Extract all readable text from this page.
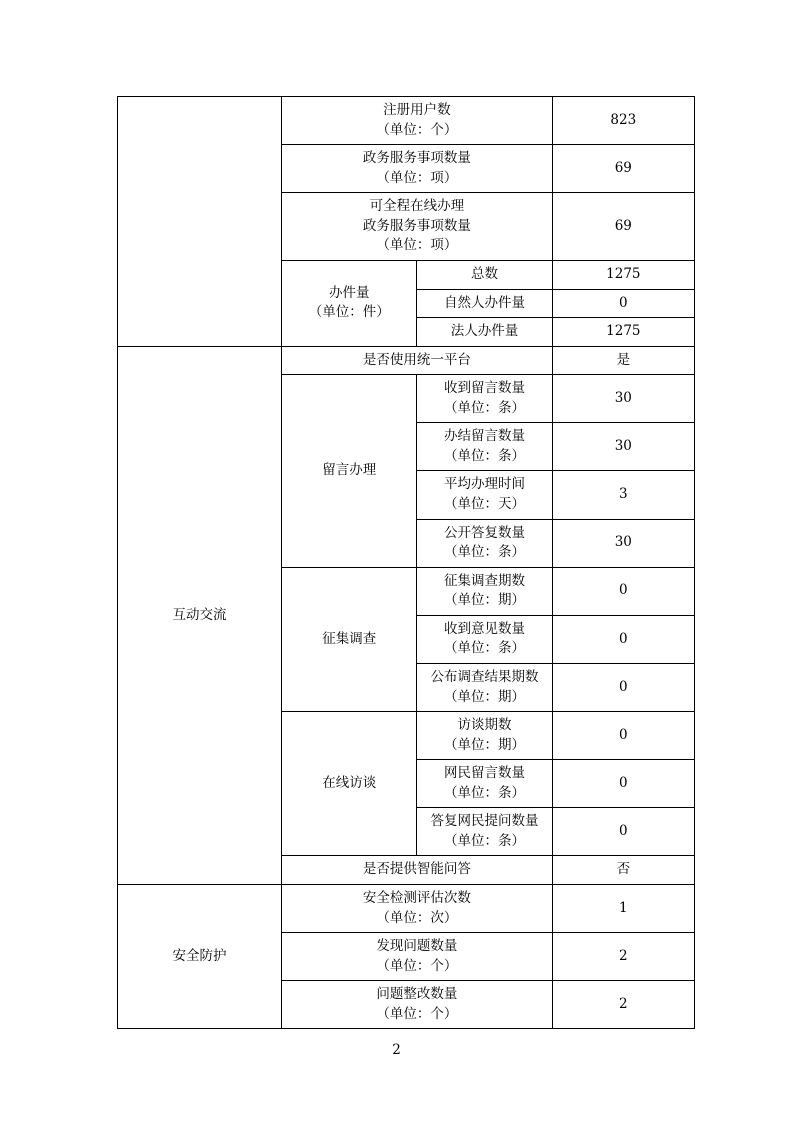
	注册用户数
（单位：个）		823

	政务服务事项数量
（单位：项）		69

	可全程在线办理
政务服务事项数量
（单位：项）		69

	办件量
（单位：件）	总数	1275
		自然人办件量	0
		法人办件量	1275
互动交流	是否使用统一平台		是
	留言办理	收到留言数量
（单位：条）	30

		办结留言数量
（单位：条）	30

		平均办理时间
（单位：天）	3

		公开答复数量
（单位：条）	30
	征集调查	征集调查期数
（单位：期）	0

		收到意见数量
（单位：条）	0

		公布调查结果期数
（单位：期）	0
	在线访谈	访谈期数
（单位：期）	0

		网民留言数量
（单位：条）	0

		答复网民提问数量
（单位：条）	0
	是否提供智能问答		否
安全防护	安全检测评估次数
（单位：次）		1

	发现问题数量
（单位：个）		2

	问题整改数量
（单位：个）		2
2
